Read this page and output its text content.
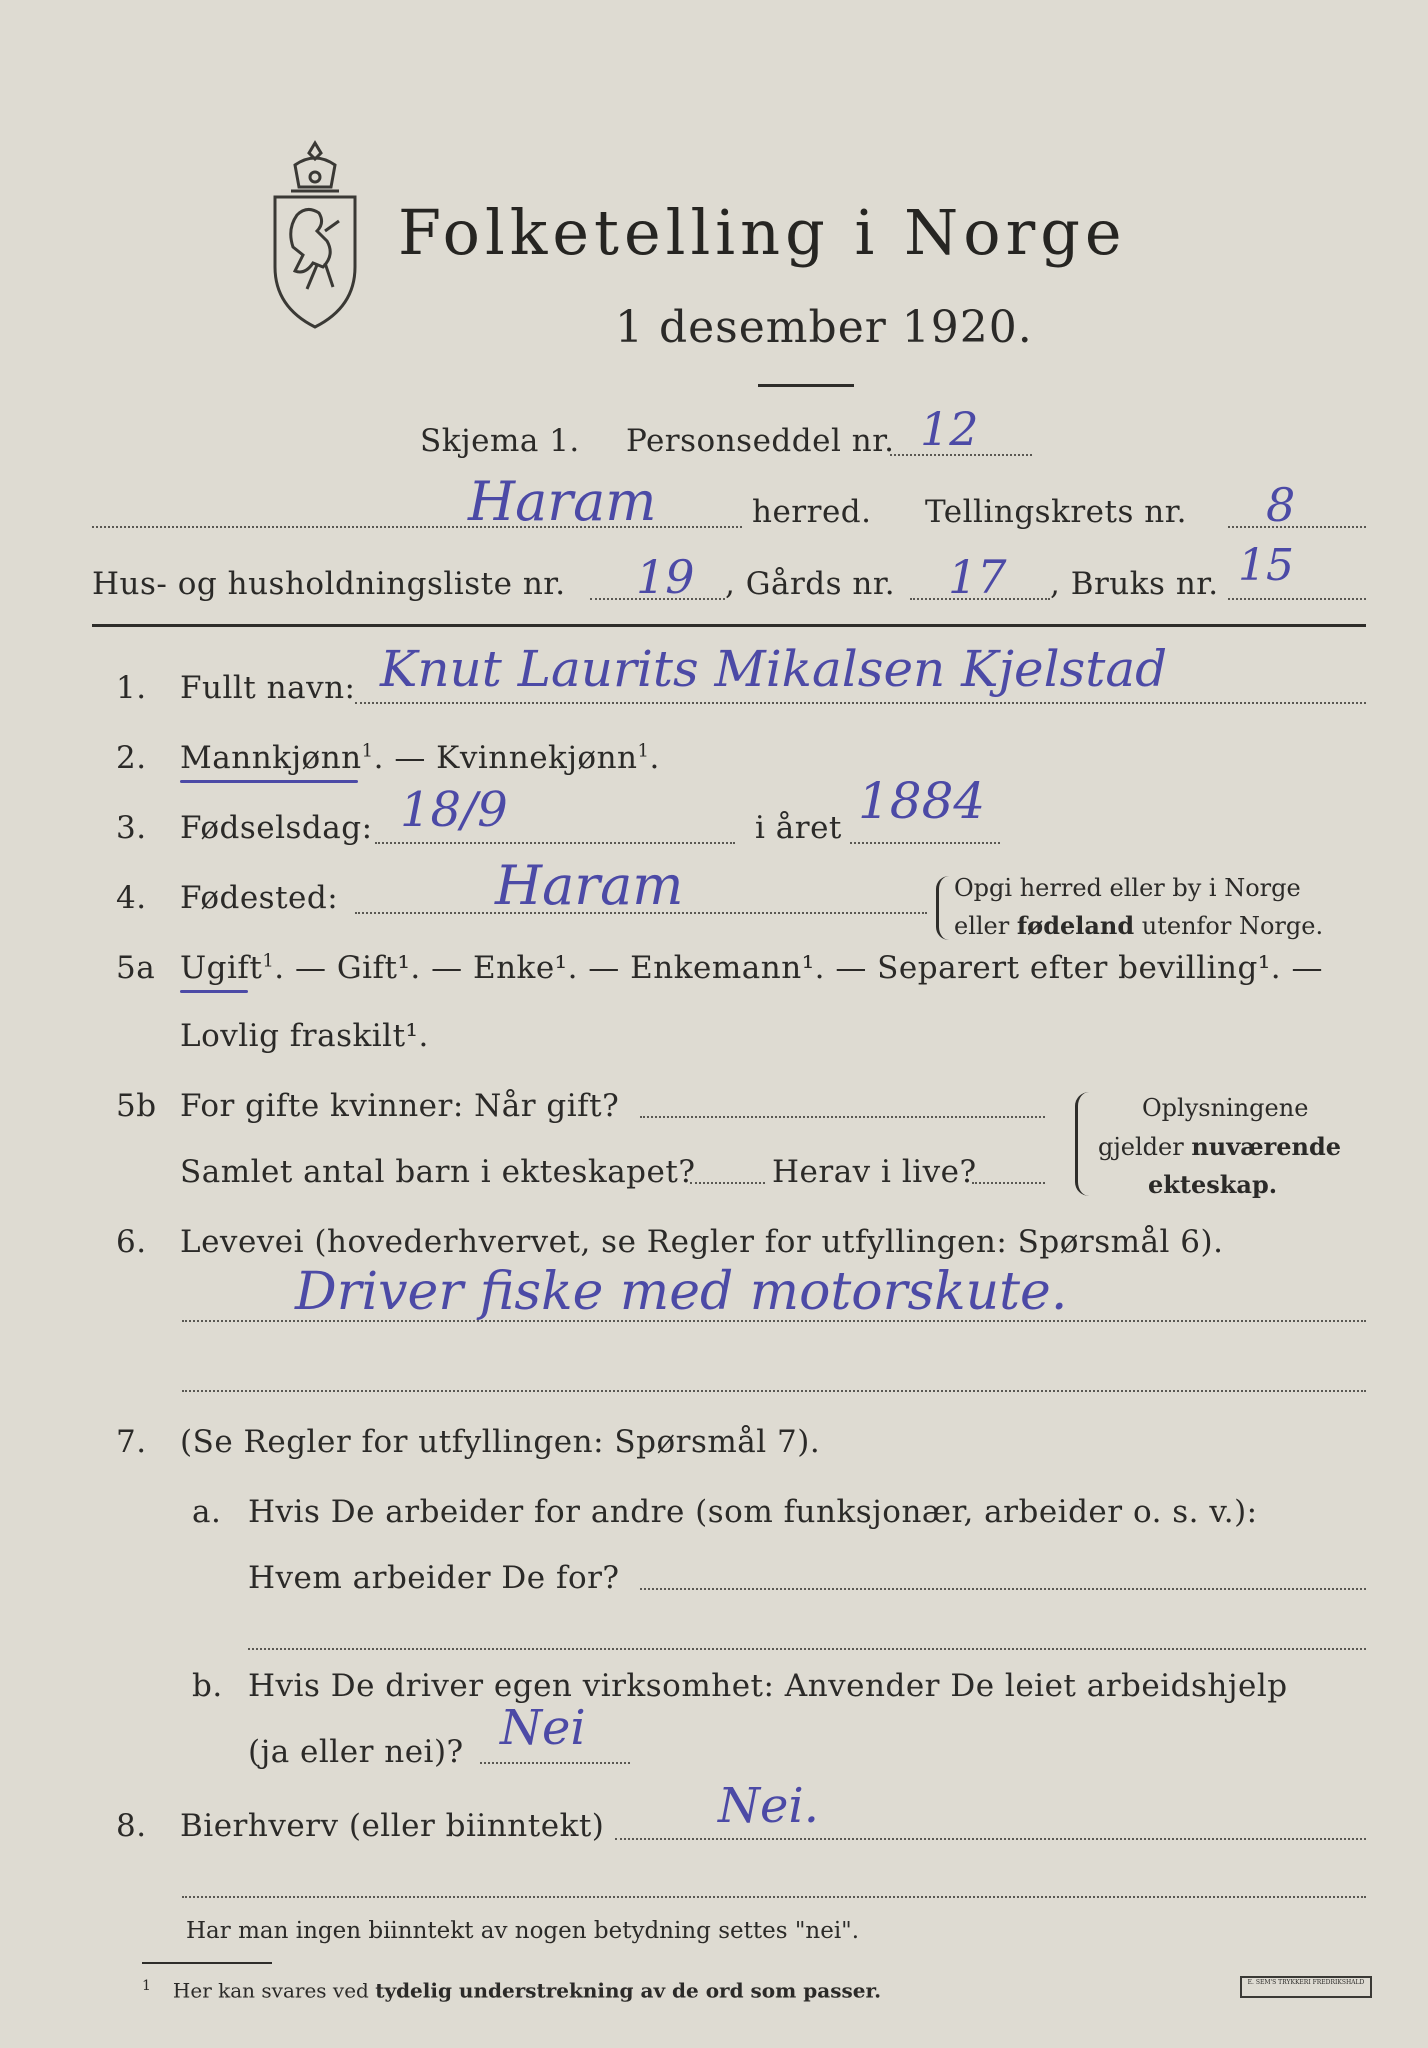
Folketelling i Norge
1 desember 1920.
Skjema 1. Personseddel nr. 12
Haram	herred. Tellingskrets nr. 8
Hus- og husholdningsliste nr. 19 , Gårds nr. 17 , Bruks nr. 15
1. Fullt navn: Knut Laurits Mikalsen Kjelstad
2. Mannkjønn$^1$. — Kvinnekjønn$^1$.
3. Fødselsdag: 18/9	i året 1884
4. Fødested:	Haram	Opgi herred eller by i Norge
eller fødeland utenfor Norge.
5a Ugift$^1$. — Gift¹. — Enke¹. — Enkemann¹. — Separert efter bevilling¹. —
Lovlig fraskilt¹.
5b For gifte kvinner: Når gift?
Samlet antal barn i ekteskapet? Herav i live?
Oplysningene
gjelder nuværende
ekteskap.
6. Levevei (hovederhvervet, se Regler for utfyllingen: Spørsmål 6).
Driver fiske med motorskute.
7. (Se Regler for utfyllingen: Spørsmål 7).
a. Hvis De arbeider for andre (som funksjonær, arbeider o. s. v.):
Hvem arbeider De for?
b. Hvis De driver egen virksomhet: Anvender De leiet arbeidshjelp
(ja eller nei)? Nei
8. Bierhverv (eller biinntekt) Nei.
Har man ingen biinntekt av nogen betydning settes "nei".
$^1$ Her kan svares ved tydelig understrekning av de ord som passer.	E. SEM'S TRYKKERI FREDRIKSHALD
